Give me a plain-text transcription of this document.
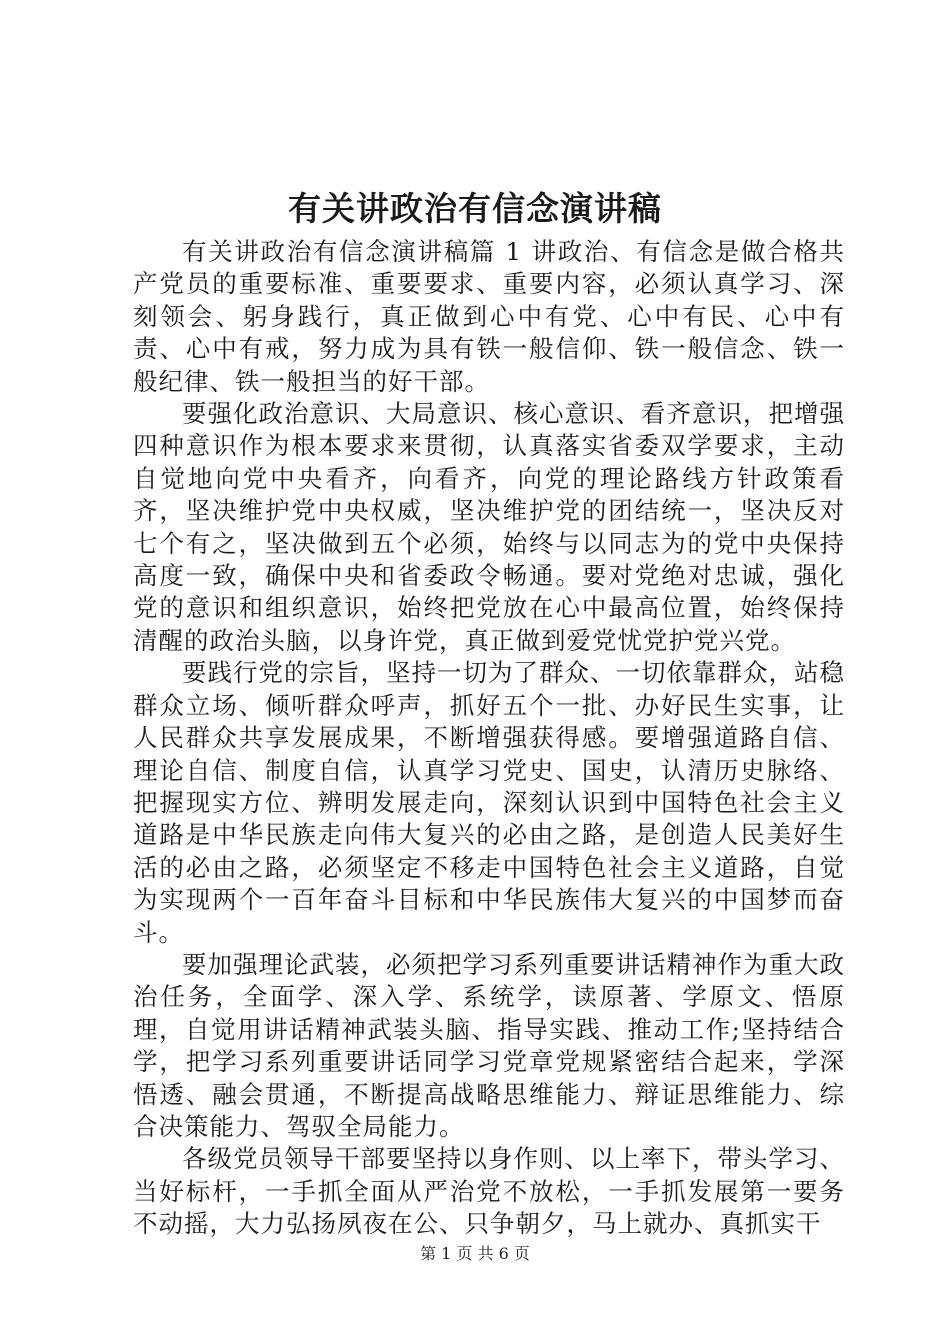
有关讲政治有信念演讲稿

有关讲政治有信念演讲稿篇 1 讲政治、有信念是做合格共产党员的重要标准、重要要求、重要内容，必须认真学习、深刻领会、躬身践行，真正做到心中有党、心中有民、心中有责、心中有戒，努力成为具有铁一般信仰、铁一般信念、铁一般纪律、铁一般担当的好干部。

要强化政治意识、大局意识、核心意识、看齐意识，把增强四种意识作为根本要求来贯彻，认真落实省委双学要求，主动自觉地向党中央看齐，向看齐，向党的理论路线方针政策看齐，坚决维护党中央权威，坚决维护党的团结统一，坚决反对七个有之，坚决做到五个必须，始终与以同志为的党中央保持高度一致，确保中央和省委政令畅通。要对党绝对忠诚，强化党的意识和组织意识，始终把党放在心中最高位置，始终保持清醒的政治头脑，以身许党，真正做到爱党忧党护党兴党。

要践行党的宗旨，坚持一切为了群众、一切依靠群众，站稳群众立场、倾听群众呼声，抓好五个一批、办好民生实事，让人民群众共享发展成果，不断增强获得感。要增强道路自信、理论自信、制度自信，认真学习党史、国史，认清历史脉络、把握现实方位、辨明发展走向，深刻认识到中国特色社会主义道路是中华民族走向伟大复兴的必由之路，是创造人民美好生活的必由之路，必须坚定不移走中国特色社会主义道路，自觉为实现两个一百年奋斗目标和中华民族伟大复兴的中国梦而奋斗。

要加强理论武装，必须把学习系列重要讲话精神作为重大政治任务，全面学、深入学、系统学，读原著、学原文、悟原理，自觉用讲话精神武装头脑、指导实践、推动工作;坚持结合学，把学习系列重要讲话同学习党章党规紧密结合起来，学深悟透、融会贯通，不断提高战略思维能力、辩证思维能力、综合决策能力、驾驭全局能力。

各级党员领导干部要坚持以身作则、以上率下，带头学习、当好标杆，一手抓全面从严治党不放松，一手抓发展第一要务不动摇，大力弘扬夙夜在公、只争朝夕，马上就办、真抓实干

第 1 页 共 6 页
